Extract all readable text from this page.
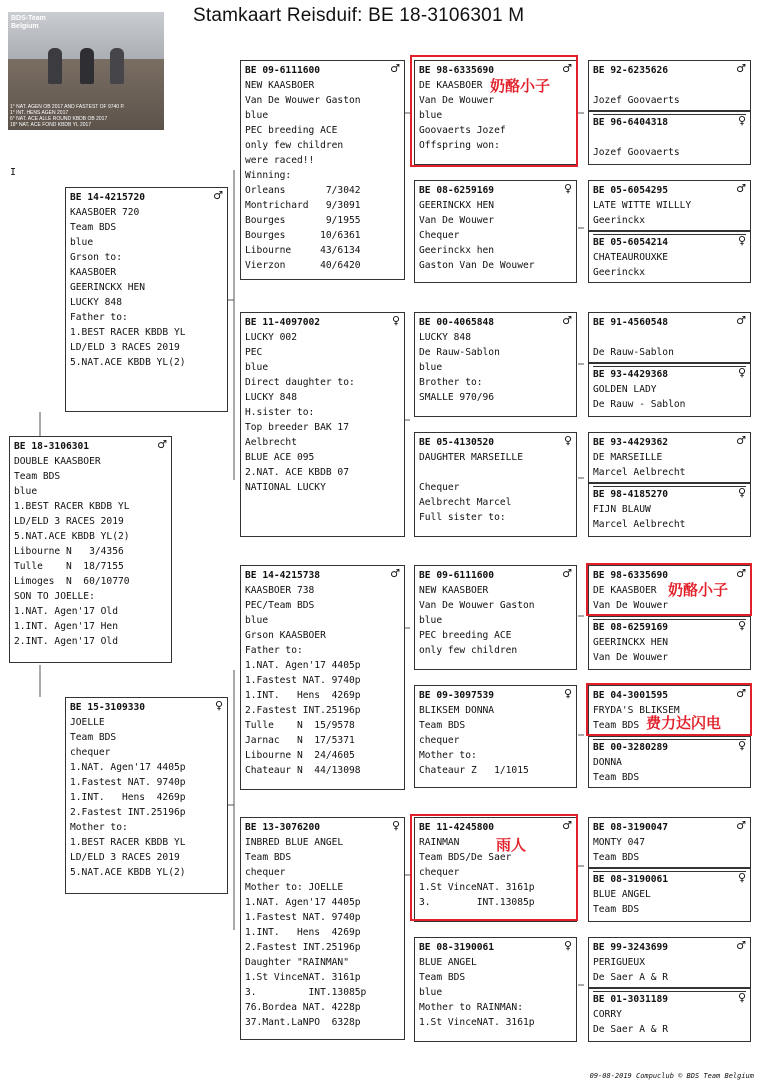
Stamkaart Reisduif: BE 18-3106301 M
BDS-Team
Belgium
1° NAT. AGEN OB 2017 AND FASTEST OF 9740 P.
1° INT. HENS AGEN 2017
6° NAT. ACE ALLE ROUND KBDB OB 2017
18° NAT. ACE FOND KBDB YL 2017
I
BE 18-3106301	♂
DOUBLE KAASBOER
Team BDS
blue
1.BEST RACER KBDB YL
LD/ELD 3 RACES 2019
5.NAT.ACE KBDB YL(2)
Libourne N   3/4356
Tulle    N  18/7155
Limoges  N  60/10770
SON TO JOELLE:
1.NAT. Agen'17 Old
1.INT. Agen'17 Hen
2.INT. Agen'17 Old
BE 14-4215720	♂
KAASBOER 720
Team BDS
blue
Grson to:
KAASBOER
GEERINCKX HEN
LUCKY 848
Father to:
1.BEST RACER KBDB YL
LD/ELD 3 RACES 2019
5.NAT.ACE KBDB YL(2)
BE 15-3109330	♀
JOELLE
Team BDS
chequer
1.NAT. Agen'17 4405p
1.Fastest NAT. 9740p
1.INT.   Hens  4269p
2.Fastest INT.25196p
Mother to:
1.BEST RACER KBDB YL
LD/ELD 3 RACES 2019
5.NAT.ACE KBDB YL(2)
BE 09-6111600	♂
NEW KAASBOER
Van De Wouwer Gaston
blue
PEC breeding ACE
only few children
were raced!!
Winning:
Orleans       7/3042
Montrichard   9/3091
Bourges       9/1955
Bourges      10/6361
Libourne     43/6134
Vierzon      40/6420
BE 11-4097002	♀
LUCKY 002
PEC
blue
Direct daughter to:
LUCKY 848
H.sister to:
Top breeder BAK 17
Aelbrecht
BLUE ACE 095
2.NAT. ACE KBDB 07
NATIONAL LUCKY
BE 14-4215738	♂
KAASBOER 738
PEC/Team BDS
blue
Grson KAASBOER
Father to:
1.NAT. Agen'17 4405p
1.Fastest NAT. 9740p
1.INT.   Hens  4269p
2.Fastest INT.25196p
Tulle    N  15/9578
Jarnac   N  17/5371
Libourne N  24/4605
Chateaur N  44/13098
BE 13-3076200	♀
INBRED BLUE ANGEL
Team BDS
chequer
Mother to: JOELLE
1.NAT. Agen'17 4405p
1.Fastest NAT. 9740p
1.INT.   Hens  4269p
2.Fastest INT.25196p
Daughter "RAINMAN"
1.St VinceNAT. 3161p
3.         INT.13085p
76.Bordea NAT. 4228p
37.Mant.LaNPO  6328p
BE 98-6335690	♂
DE KAASBOER
Van De Wouwer
blue
Goovaerts Jozef
Offspring won:
BE 08-6259169	♀
GEERINCKX HEN
Van De Wouwer
Chequer
Geerinckx hen
Gaston Van De Wouwer
BE 00-4065848	♂
LUCKY 848
De Rauw-Sablon
blue
Brother to:
SMALLE 970/96
BE 05-4130520	♀
DAUGHTER MARSEILLE
Chequer
Aelbrecht Marcel
Full sister to:
BE 09-6111600	♂
NEW KAASBOER
Van De Wouwer Gaston
blue
PEC breeding ACE
only few children
BE 09-3097539	♀
BLIKSEM DONNA
Team BDS
chequer
Mother to:
Chateaur Z   1/1015
BE 11-4245800	♂
RAINMAN
Team BDS/De Saer
chequer
1.St VinceNAT. 3161p
3.        INT.13085p
BE 08-3190061	♀
BLUE ANGEL
Team BDS
blue
Mother to RAINMAN:
1.St VinceNAT. 3161p
BE 92-6235626	♂
Jozef Goovaerts
BE 96-6404318	♀
Jozef Goovaerts
BE 05-6054295	♂
LATE WITTE WILLLY
Geerinckx
BE 05-6054214	♀
CHATEAUROUXKE
Geerinckx
BE 91-4560548	♂
De Rauw-Sablon
BE 93-4429368	♀
GOLDEN LADY
De Rauw - Sablon
BE 93-4429362	♂
DE MARSEILLE
Marcel Aelbrecht
BE 98-4185270	♀
FIJN BLAUW
Marcel Aelbrecht
BE 98-6335690	♂
DE KAASBOER
Van De Wouwer
BE 08-6259169	♀
GEERINCKX HEN
Van De Wouwer
BE 04-3001595	♂
FRYDA'S BLIKSEM
Team BDS
BE 00-3280289	♀
DONNA
Team BDS
BE 08-3190047	♂
MONTY 047
Team BDS
BE 08-3190061	♀
BLUE ANGEL
Team BDS
BE 99-3243699	♂
PERIGUEUX
De Saer A & R
BE 01-3031189	♀
CORRY
De Saer A & R
奶酪小子
奶酪小子
费力达闪电
雨人
09-08-2019 Compuclub © BDS Team Belgium
